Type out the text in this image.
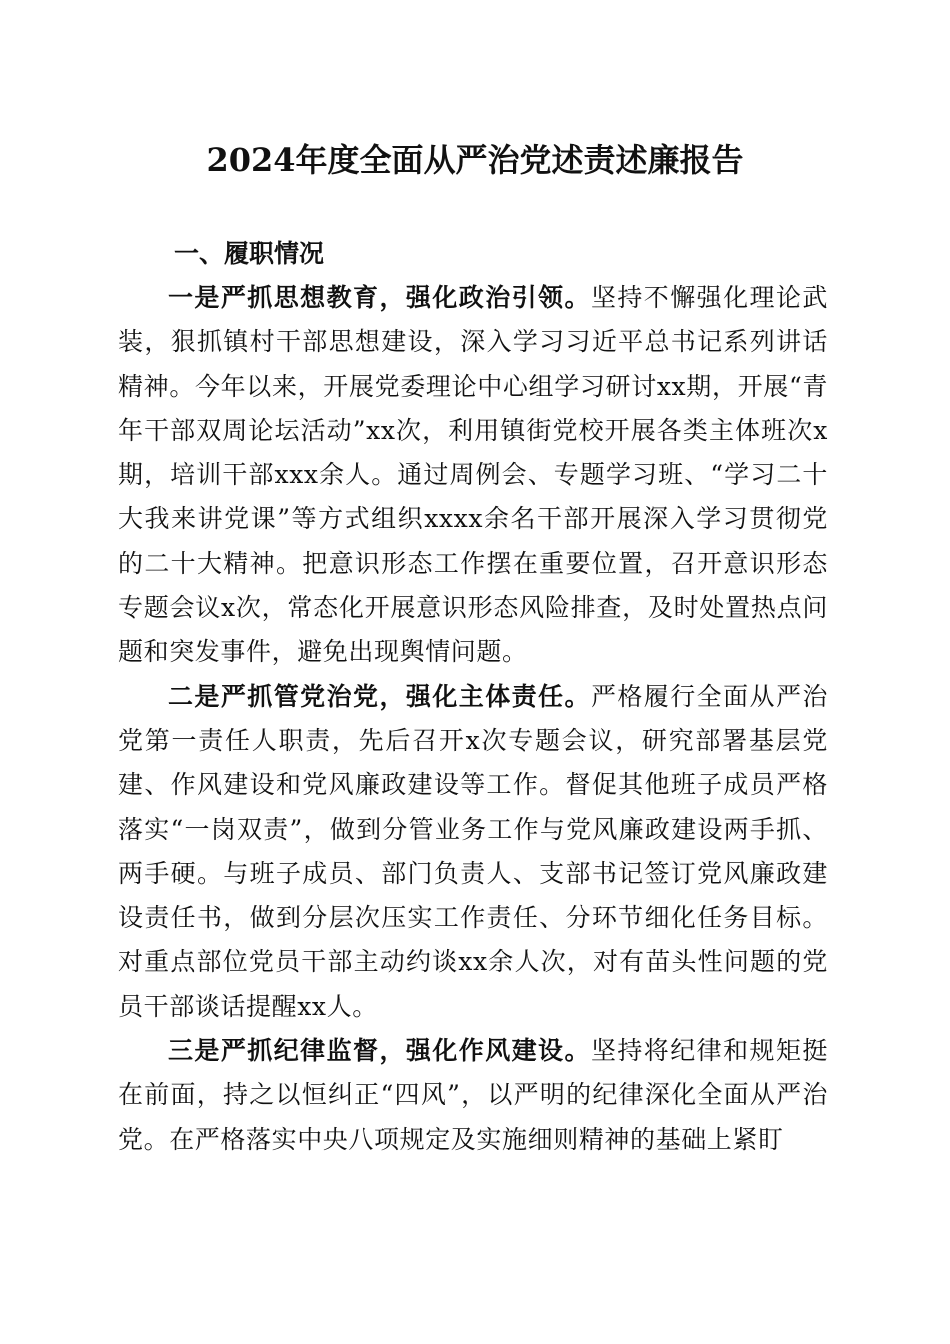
2024年度全面从严治党述责述廉报告

一、履职情况

一是严抓思想教育，强化政治引领。坚持不懈强化理论武装，狠抓镇村干部思想建设，深入学习习近平总书记系列讲话精神。今年以来，开展党委理论中心组学习研讨xx期，开展“青年干部双周论坛活动”xx次，利用镇街党校开展各类主体班次x期，培训干部xxx余人。通过周例会、专题学习班、“学习二十大我来讲党课”等方式组织xxxx余名干部开展深入学习贯彻党的二十大精神。把意识形态工作摆在重要位置，召开意识形态专题会议x次，常态化开展意识形态风险排查，及时处置热点问题和突发事件，避免出现舆情问题。

二是严抓管党治党，强化主体责任。严格履行全面从严治党第一责任人职责，先后召开x次专题会议，研究部署基层党建、作风建设和党风廉政建设等工作。督促其他班子成员严格落实“一岗双责”，做到分管业务工作与党风廉政建设两手抓、两手硬。与班子成员、部门负责人、支部书记签订党风廉政建设责任书，做到分层次压实工作责任、分环节细化任务目标。对重点部位党员干部主动约谈xx余人次，对有苗头性问题的党员干部谈话提醒xx人。

三是严抓纪律监督，强化作风建设。坚持将纪律和规矩挺在前面，持之以恒纠正“四风”，以严明的纪律深化全面从严治党。在严格落实中央八项规定及实施细则精神的基础上紧盯
